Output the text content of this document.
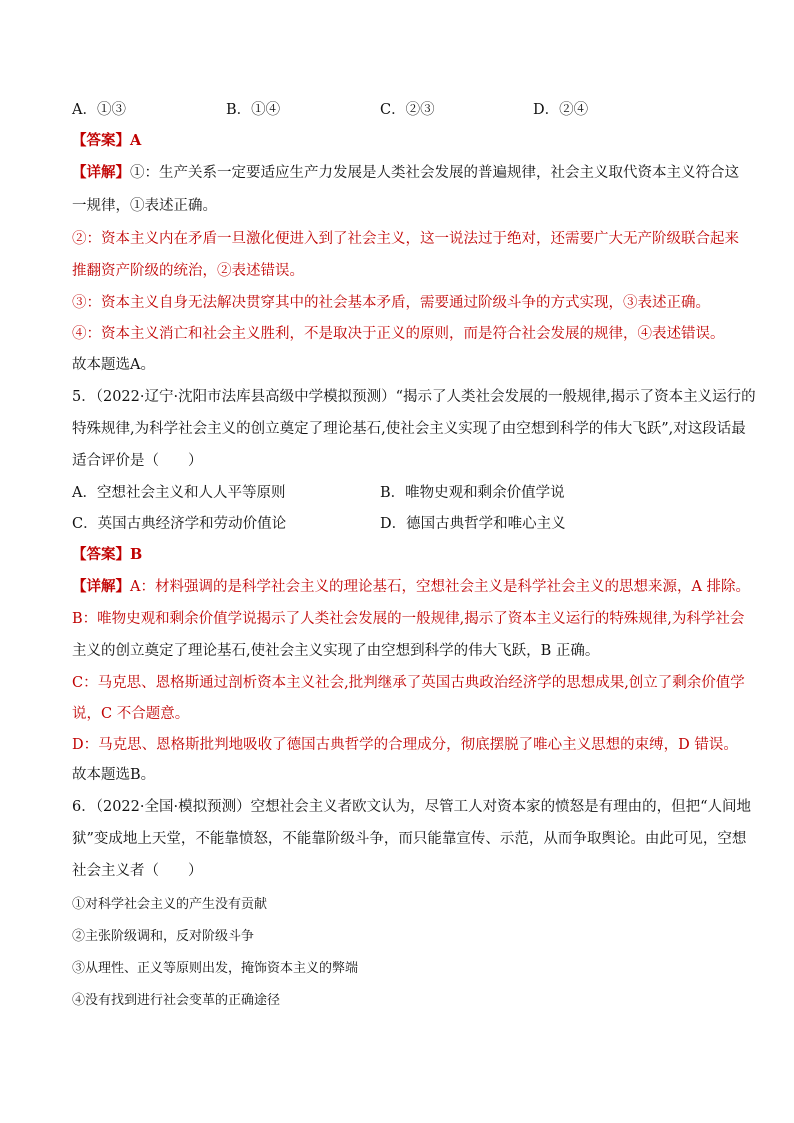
A．①③	B．①④	C．②③	D．②④
【答案】A
【详解】①：生产关系一定要适应生产力发展是人类社会发展的普遍规律，社会主义取代资本主义符合这
一规律，①表述正确。
②：资本主义内在矛盾一旦激化便进入到了社会主义，这一说法过于绝对，还需要广大无产阶级联合起来
推翻资产阶级的统治，②表述错误。
③：资本主义自身无法解决贯穿其中的社会基本矛盾，需要通过阶级斗争的方式实现，③表述正确。
④：资本主义消亡和社会主义胜利，不是取决于正义的原则，而是符合社会发展的规律，④表述错误。
故本题选A。
5．（2022·辽宁·沈阳市法库县高级中学模拟预测）“揭示了人类社会发展的一般规律,揭示了资本主义运行的
特殊规律,为科学社会主义的创立奠定了理论基石,使社会主义实现了由空想到科学的伟大飞跃”,对这段话最
适合评价是（　　）
A．空想社会主义和人人平等原则	B．唯物史观和剩余价值学说
C．英国古典经济学和劳动价值论	D．德国古典哲学和唯心主义
【答案】B
【详解】A：材料强调的是科学社会主义的理论基石，空想社会主义是科学社会主义的思想来源，A 排除。
B：唯物史观和剩余价值学说揭示了人类社会发展的一般规律,揭示了资本主义运行的特殊规律,为科学社会
主义的创立奠定了理论基石,使社会主义实现了由空想到科学的伟大飞跃，B 正确。
C：马克思、恩格斯通过剖析资本主义社会,批判继承了英国古典政治经济学的思想成果,创立了剩余价值学
说，C 不合题意。
D：马克思、恩格斯批判地吸收了德国古典哲学的合理成分，彻底摆脱了唯心主义思想的束缚，D 错误。
故本题选B。
6．（2022·全国·模拟预测）空想社会主义者欧文认为，尽管工人对资本家的愤怒是有理由的，但把“人间地
狱”变成地上天堂，不能靠愤怒，不能靠阶级斗争，而只能靠宣传、示范，从而争取舆论。由此可见，空想
社会主义者（　　）
①对科学社会主义的产生没有贡献
②主张阶级调和，反对阶级斗争
③从理性、正义等原则出发，掩饰资本主义的弊端
④没有找到进行社会变革的正确途径
